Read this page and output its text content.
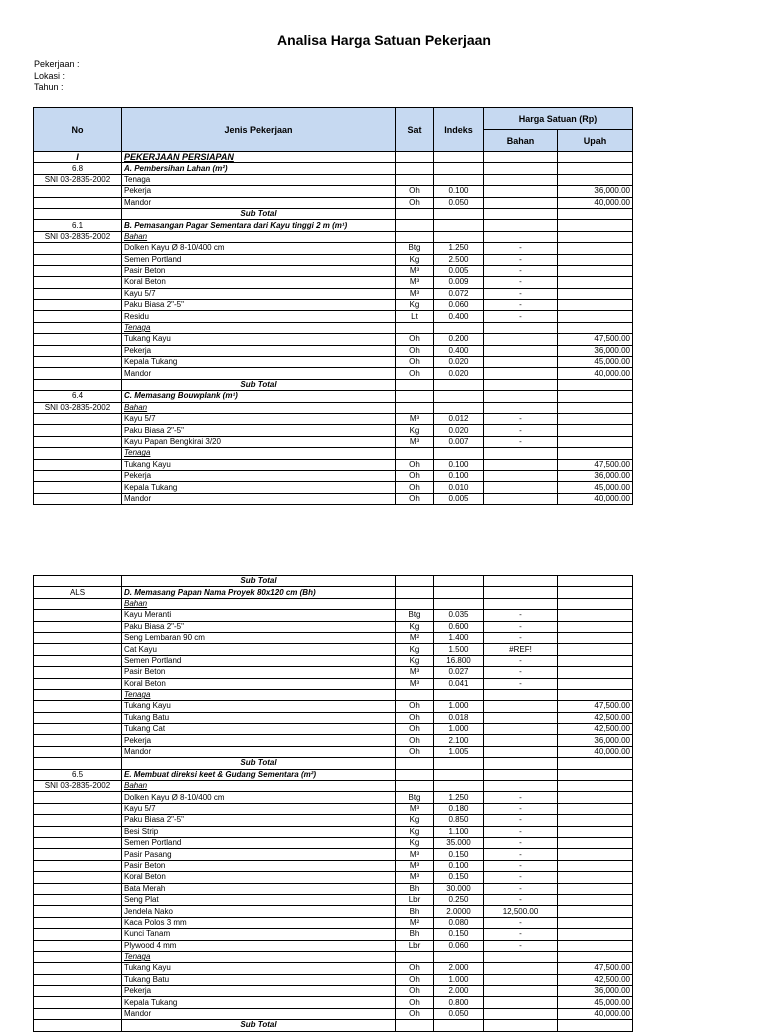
Analisa Harga Satuan Pekerjaan
Pekerjaan :
Lokasi :
Tahun :
No	Jenis Pekerjaan	Sat	Indeks	Harga Satuan (Rp)	
				Bahan	Upah
I	PEKERJAAN PERSIAPAN				
6.8	A. Pembersihan Lahan (m²)				
SNI 03-2835-2002	Tenaga				
	Pekerja	Oh	0.100		36,000.00
	Mandor	Oh	0.050		40,000.00
	Sub Total				
6.1	B. Pemasangan Pagar Sementara dari Kayu tinggi 2 m (m¹)				
SNI 03-2835-2002	Bahan				
	Dolken Kayu Ø 8-10/400 cm	Btg	1.250	-	
	Semen Portland	Kg	2.500	-	
	Pasir Beton	M³	0.005	-	
	Koral Beton	M³	0.009	-	
	Kayu 5/7	M³	0.072	-	
	Paku Biasa 2"-5"	Kg	0.060	-	
	Residu	Lt	0.400	-	
	Tenaga				
	Tukang Kayu	Oh	0.200		47,500.00
	Pekerja	Oh	0.400		36,000.00
	Kepala Tukang	Oh	0.020		45,000.00
	Mandor	Oh	0.020		40,000.00
	Sub Total				
6.4	C. Memasang Bouwplank (m¹)				
SNI 03-2835-2002	Bahan				
	Kayu 5/7	M³	0.012	-	
	Paku Biasa 2"-5"	Kg	0.020	-	
	Kayu Papan Bengkirai 3/20	M³	0.007	-	
	Tenaga				
	Tukang Kayu	Oh	0.100		47,500.00
	Pekerja	Oh	0.100		36,000.00
	Kepala Tukang	Oh	0.010		45,000.00
	Mandor	Oh	0.005		40,000.00
	Sub Total				
ALS	D. Memasang Papan Nama Proyek 80x120 cm (Bh)				
	Bahan				
	Kayu Meranti	Btg	0.035	-	
	Paku Biasa 2"-5"	Kg	0.600	-	
	Seng Lembaran 90 cm	M²	1.400	-	
	Cat Kayu	Kg	1.500	#REF!	
	Semen Portland	Kg	16.800	-	
	Pasir Beton	M³	0.027	-	
	Koral Beton	M³	0.041	-	
	Tenaga				
	Tukang Kayu	Oh	1.000		47,500.00
	Tukang Batu	Oh	0.018		42,500.00
	Tukang Cat	Oh	1.000		42,500.00
	Pekerja	Oh	2.100		36,000.00
	Mandor	Oh	1.005		40,000.00
	Sub Total				
6.5	E. Membuat direksi keet & Gudang Sementara (m²)				
SNI 03-2835-2002	Bahan				
	Dolken Kayu Ø 8-10/400 cm	Btg	1.250	-	
	Kayu 5/7	M³	0.180	-	
	Paku Biasa 2"-5"	Kg	0.850	-	
	Besi Strip	Kg	1.100	-	
	Semen Portland	Kg	35.000	-	
	Pasir Pasang	M³	0.150	-	
	Pasir Beton	M³	0.100	-	
	Koral Beton	M³	0.150	-	
	Bata Merah	Bh	30.000	-	
	Seng Plat	Lbr	0.250	-	
	Jendela Nako	Bh	2.0000	12,500.00	
	Kaca Polos 3 mm	M²	0.080	-	
	Kunci Tanam	Bh	0.150	-	
	Plywood 4 mm	Lbr	0.060	-	
	Tenaga				
	Tukang Kayu	Oh	2.000		47,500.00
	Tukang Batu	Oh	1.000		42,500.00
	Pekerja	Oh	2.000		36,000.00
	Kepala Tukang	Oh	0.800		45,000.00
	Mandor	Oh	0.050		40,000.00
	Sub Total				
